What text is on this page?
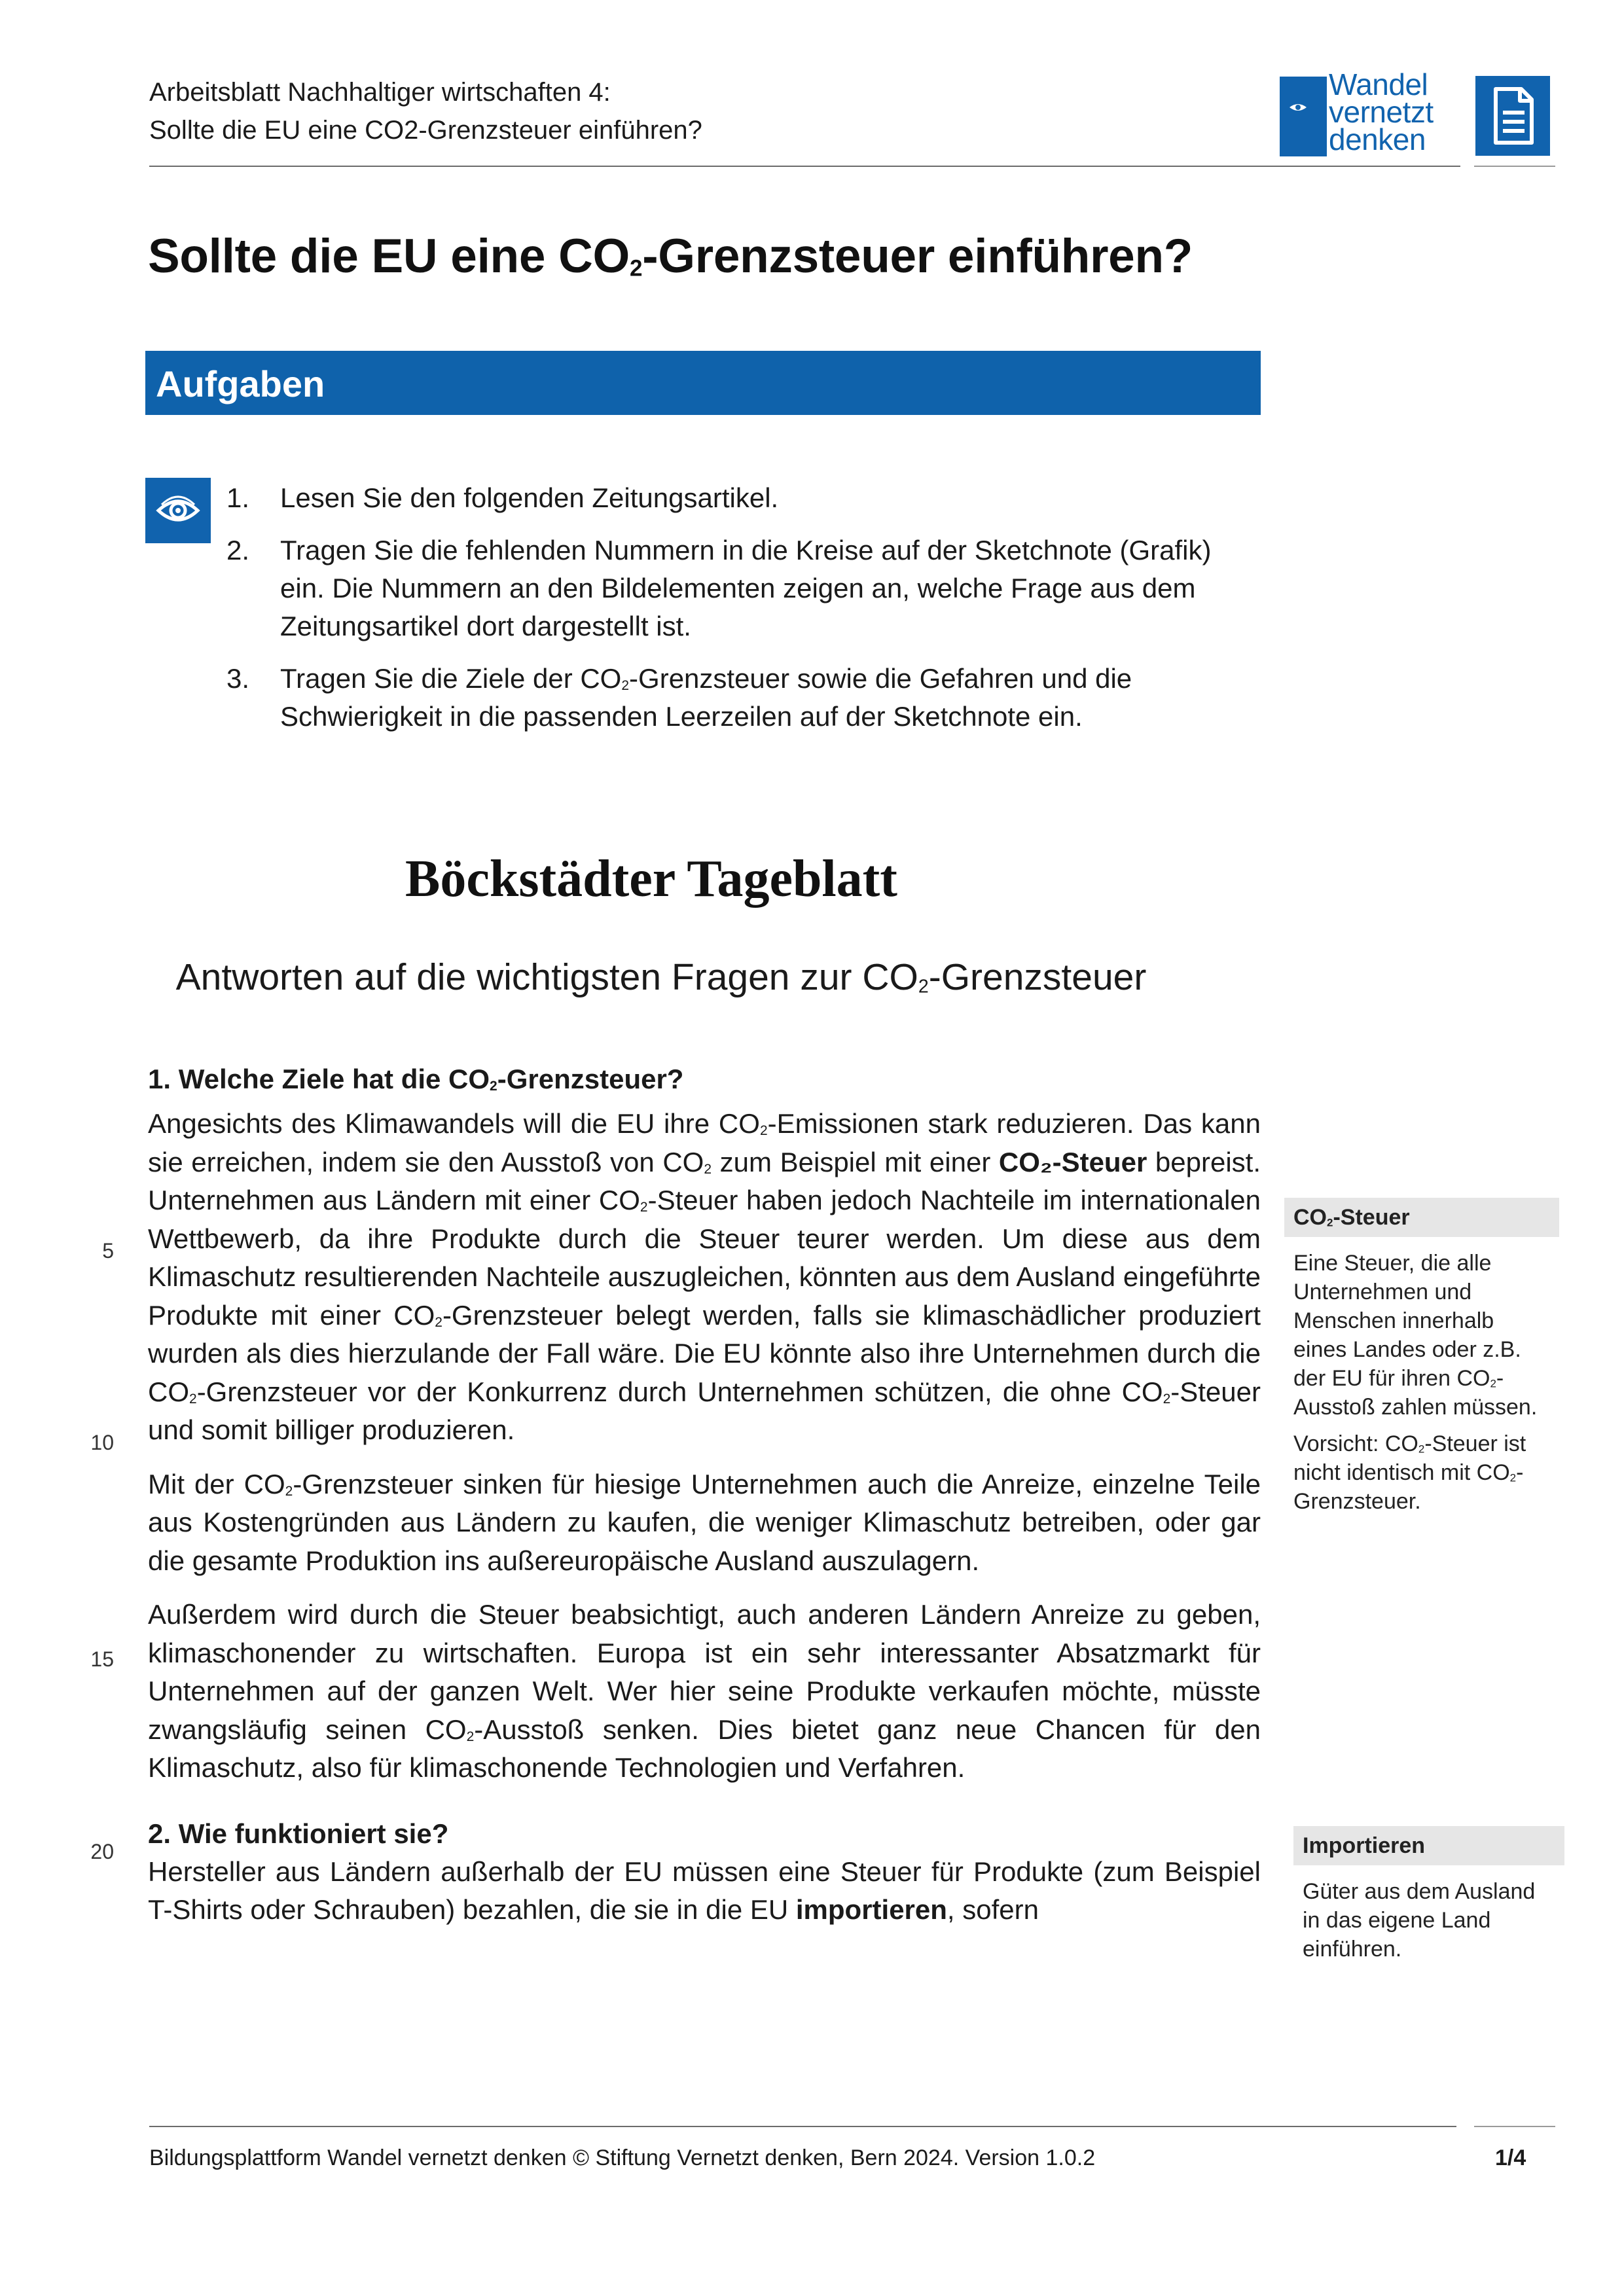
Arbeitsblatt Nachhaltiger wirtschaften 4:
Sollte die EU eine CO2-Grenzsteuer einführen?
Wandel
vernetzt
denken
Sollte die EU eine $CO_2$-Grenzsteuer einführen?
Aufgaben
1. Lesen Sie den folgenden Zeitungsartikel.
2. Tragen Sie die fehlenden Nummern in die Kreise auf der Sketchnote (Grafik) ein. Die Nummern an den Bildelementen zeigen an, welche Frage aus dem Zeitungsartikel dort dargestellt ist.
3. Tragen Sie die Ziele der $CO_2$-Grenzsteuer sowie die Gefahren und die Schwierigkeit in die passenden Leerzeilen auf der Sketchnote ein.
Böckstädter Tageblatt
Antworten auf die wichtigsten Fragen zur $CO_2$-Grenzsteuer
1. Welche Ziele hat die $CO_2$-Grenzsteuer?

Angesichts des Klimawandels will die EU ihre $CO_2$-Emissionen stark reduzieren. Das kann sie erreichen, indem sie den Ausstoß von $CO_2$ zum Beispiel mit einer CO₂-Steuer bepreist. Unternehmen aus Ländern mit einer $CO_2$-Steuer haben jedoch Nachteile im internationalen Wettbewerb, da ihre Produkte durch die Steuer teurer werden. Um diese aus dem Klimaschutz resultierenden Nachteile auszugleichen, könnten aus dem Ausland eingeführte Produkte mit einer $CO_2$-Grenzsteuer belegt werden, falls sie klimaschädlicher produziert wurden als dies hierzulande der Fall wäre. Die EU könnte also ihre Unternehmen durch die $CO_2$-Grenzsteuer vor der Konkurrenz durch Unternehmen schützen, die ohne $CO_2$-Steuer und somit billiger produzieren.

Mit der $CO_2$-Grenzsteuer sinken für hiesige Unternehmen auch die Anreize, einzelne Teile aus Kostengründen aus Ländern zu kaufen, die weniger Klimaschutz betreiben, oder gar die gesamte Produktion ins außereuropäische Ausland auszulagern.

Außerdem wird durch die Steuer beabsichtigt, auch anderen Ländern Anreize zu geben, klimaschonender zu wirtschaften. Europa ist ein sehr interessanter Absatzmarkt für Unternehmen auf der ganzen Welt. Wer hier seine Produkte verkaufen möchte, müsste zwangsläufig seinen $CO_2$-Ausstoß senken. Dies bietet ganz neue Chancen für den Klimaschutz, also für klimaschonende Technologien und Verfahren.

2. Wie funktioniert sie?

Hersteller aus Ländern außerhalb der EU müssen eine Steuer für Produkte (zum Beispiel T-Shirts oder Schrauben) bezahlen, die sie in die EU importieren, sofern

5
10
15
20
$CO_2$-Steuer

Eine Steuer, die alle Unternehmen und Menschen innerhalb eines Landes oder z.B. der EU für ihren $CO_2$-Ausstoß zahlen müssen.

Vorsicht: $CO_2$-Steuer ist nicht identisch mit $CO_2$-Grenzsteuer.

Importieren

Güter aus dem Ausland in das eigene Land einführen.

Bildungsplattform Wandel vernetzt denken © Stiftung Vernetzt denken, Bern 2024. Version 1.0.2	1/4
